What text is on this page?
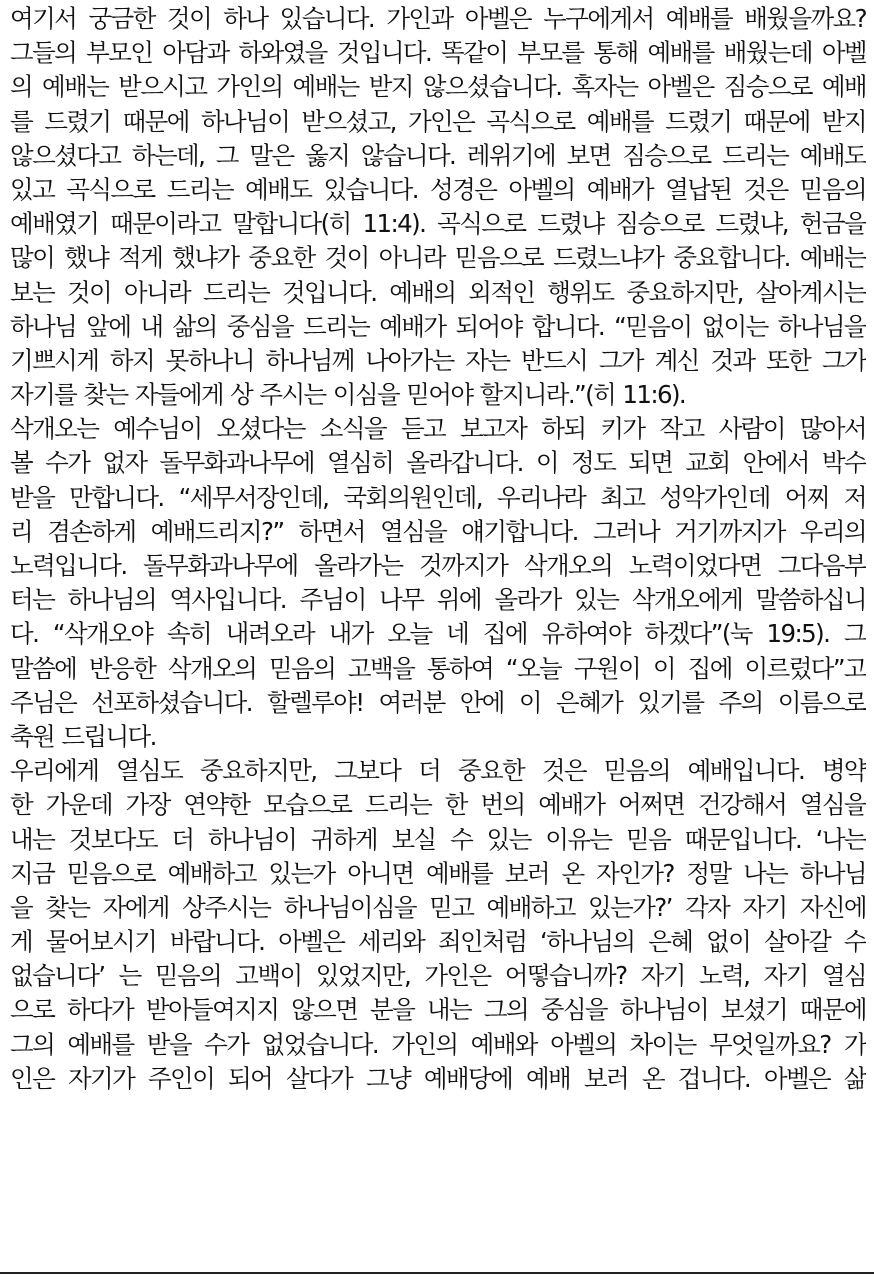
여기서 궁금한 것이 하나 있습니다. 가인과 아벨은 누구에게서 예배를 배웠을까요?
그들의 부모인 아담과 하와였을 것입니다. 똑같이 부모를 통해 예배를 배웠는데 아벨
의 예배는 받으시고 가인의 예배는 받지 않으셨습니다. 혹자는 아벨은 짐승으로 예배
를 드렸기 때문에 하나님이 받으셨고, 가인은 곡식으로 예배를 드렸기 때문에 받지
않으셨다고 하는데, 그 말은 옳지 않습니다. 레위기에 보면 짐승으로 드리는 예배도
있고 곡식으로 드리는 예배도 있습니다. 성경은 아벨의 예배가 열납된 것은 믿음의
예배였기 때문이라고 말합니다(히 11:4). 곡식으로 드렸냐 짐승으로 드렸냐, 헌금을
많이 했냐 적게 했냐가 중요한 것이 아니라 믿음으로 드렸느냐가 중요합니다. 예배는
보는 것이 아니라 드리는 것입니다. 예배의 외적인 행위도 중요하지만, 살아계시는
하나님 앞에 내 삶의 중심을 드리는 예배가 되어야 합니다. “믿음이 없이는 하나님을
기쁘시게 하지 못하나니 하나님께 나아가는 자는 반드시 그가 계신 것과 또한 그가
자기를 찾는 자들에게 상 주시는 이심을 믿어야 할지니라.”(히 11:6).
삭개오는 예수님이 오셨다는 소식을 듣고 보고자 하되 키가 작고 사람이 많아서
볼 수가 없자 돌무화과나무에 열심히 올라갑니다. 이 정도 되면 교회 안에서 박수
받을 만합니다. “세무서장인데, 국회의원인데, 우리나라 최고 성악가인데 어찌 저
리 겸손하게 예배드리지?” 하면서 열심을 얘기합니다. 그러나 거기까지가 우리의
노력입니다. 돌무화과나무에 올라가는 것까지가 삭개오의 노력이었다면 그다음부
터는 하나님의 역사입니다. 주님이 나무 위에 올라가 있는 삭개오에게 말씀하십니
다. “삭개오야 속히 내려오라 내가 오늘 네 집에 유하여야 하겠다”(눅 19:5). 그
말씀에 반응한 삭개오의 믿음의 고백을 통하여 “오늘 구원이 이 집에 이르렀다”고
주님은 선포하셨습니다. 할렐루야! 여러분 안에 이 은혜가 있기를 주의 이름으로
축원 드립니다.
우리에게 열심도 중요하지만, 그보다 더 중요한 것은 믿음의 예배입니다. 병약
한 가운데 가장 연약한 모습으로 드리는 한 번의 예배가 어쩌면 건강해서 열심을
내는 것보다도 더 하나님이 귀하게 보실 수 있는 이유는 믿음 때문입니다. ‘나는
지금 믿음으로 예배하고 있는가 아니면 예배를 보러 온 자인가? 정말 나는 하나님
을 찾는 자에게 상주시는 하나님이심을 믿고 예배하고 있는가?’ 각자 자기 자신에
게 물어보시기 바랍니다. 아벨은 세리와 죄인처럼 ‘하나님의 은혜 없이 살아갈 수
없습니다’ 는 믿음의 고백이 있었지만, 가인은 어떻습니까? 자기 노력, 자기 열심
으로 하다가 받아들여지지 않으면 분을 내는 그의 중심을 하나님이 보셨기 때문에
그의 예배를 받을 수가 없었습니다. 가인의 예배와 아벨의 차이는 무엇일까요? 가
인은 자기가 주인이 되어 살다가 그냥 예배당에 예배 보러 온 겁니다. 아벨은 삶
